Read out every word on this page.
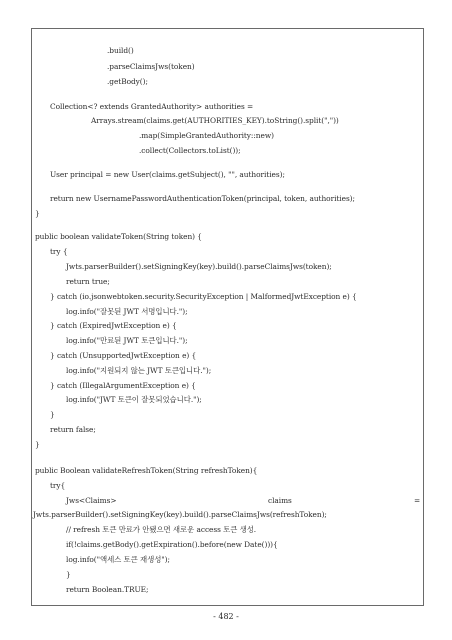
.build()
.parseClaimsJws(token)
.getBody();
Collection<? extends GrantedAuthority> authorities =
Arrays.stream(claims.get(AUTHORITIES_KEY).toString().split(","))
.map(SimpleGrantedAuthority::new)
.collect(Collectors.toList());
User principal = new User(claims.getSubject(), "", authorities);
return new UsernamePasswordAuthenticationToken(principal, token, authorities);
}
public boolean validateToken(String token) {
try {
Jwts.parserBuilder().setSigningKey(key).build().parseClaimsJws(token);
return true;
} catch (io.jsonwebtoken.security.SecurityException | MalformedJwtException e) {
log.info("잘못된 JWT 서명입니다.");
} catch (ExpiredJwtException e) {
log.info("만료된 JWT 토큰입니다.");
} catch (UnsupportedJwtException e) {
log.info("지원되지 않는 JWT 토큰입니다.");
} catch (IllegalArgumentException e) {
log.info("JWT 토큰이 잘못되었습니다.");
}
return false;
}
public Boolean validateRefreshToken(String refreshToken){
try{
Jws<Claims>	claims	=
Jwts.parserBuilder().setSigningKey(key).build().parseClaimsJws(refreshToken);
// refresh 토큰 만료가 안됐으면 새로운 access 토큰 생성.
if(!claims.getBody().getExpiration().before(new Date())){
log.info("액세스 토큰 재생성");
}
return Boolean.TRUE;
- 482 -
